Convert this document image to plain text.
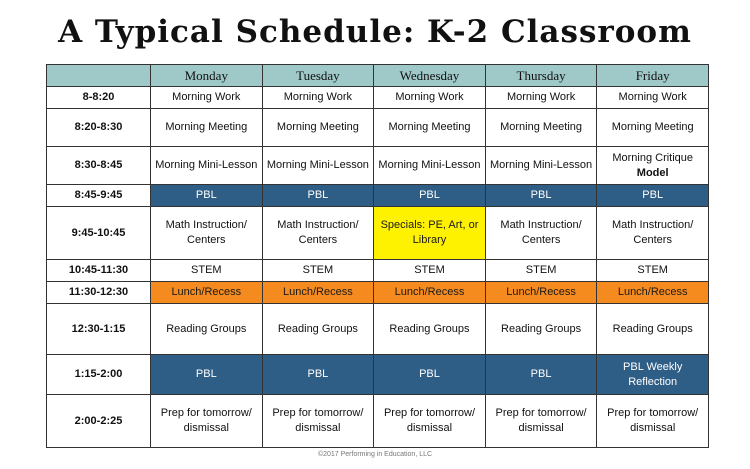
A Typical Schedule: K-2 Classroom
	Monday	Tuesday	Wednesday	Thursday	Friday
8-8:20	Morning Work	Morning Work	Morning Work	Morning Work	Morning Work
8:20-8:30	Morning Meeting	Morning Meeting	Morning Meeting	Morning Meeting	Morning Meeting
8:30-8:45	Morning Mini-Lesson	Morning Mini-Lesson	Morning Mini-Lesson	Morning Mini-Lesson	Morning Critique
Model

8:45-9:45	PBL	PBL	PBL	PBL	PBL
9:45-10:45	Math Instruction/ Centers	Math Instruction/ Centers	Specials: PE, Art, or Library	Math Instruction/ Centers	Math Instruction/ Centers
10:45-11:30	STEM	STEM	STEM	STEM	STEM
11:30-12:30	Lunch/Recess	Lunch/Recess	Lunch/Recess	Lunch/Recess	Lunch/Recess
12:30-1:15	Reading Groups	Reading Groups	Reading Groups	Reading Groups	Reading Groups
1:15-2:00	PBL	PBL	PBL	PBL	PBL Weekly Reflection
2:00-2:25	Prep for tomorrow/ dismissal	Prep for tomorrow/ dismissal	Prep for tomorrow/ dismissal	Prep for tomorrow/ dismissal	Prep for tomorrow/ dismissal
©2017 Performing in Education, LLC
